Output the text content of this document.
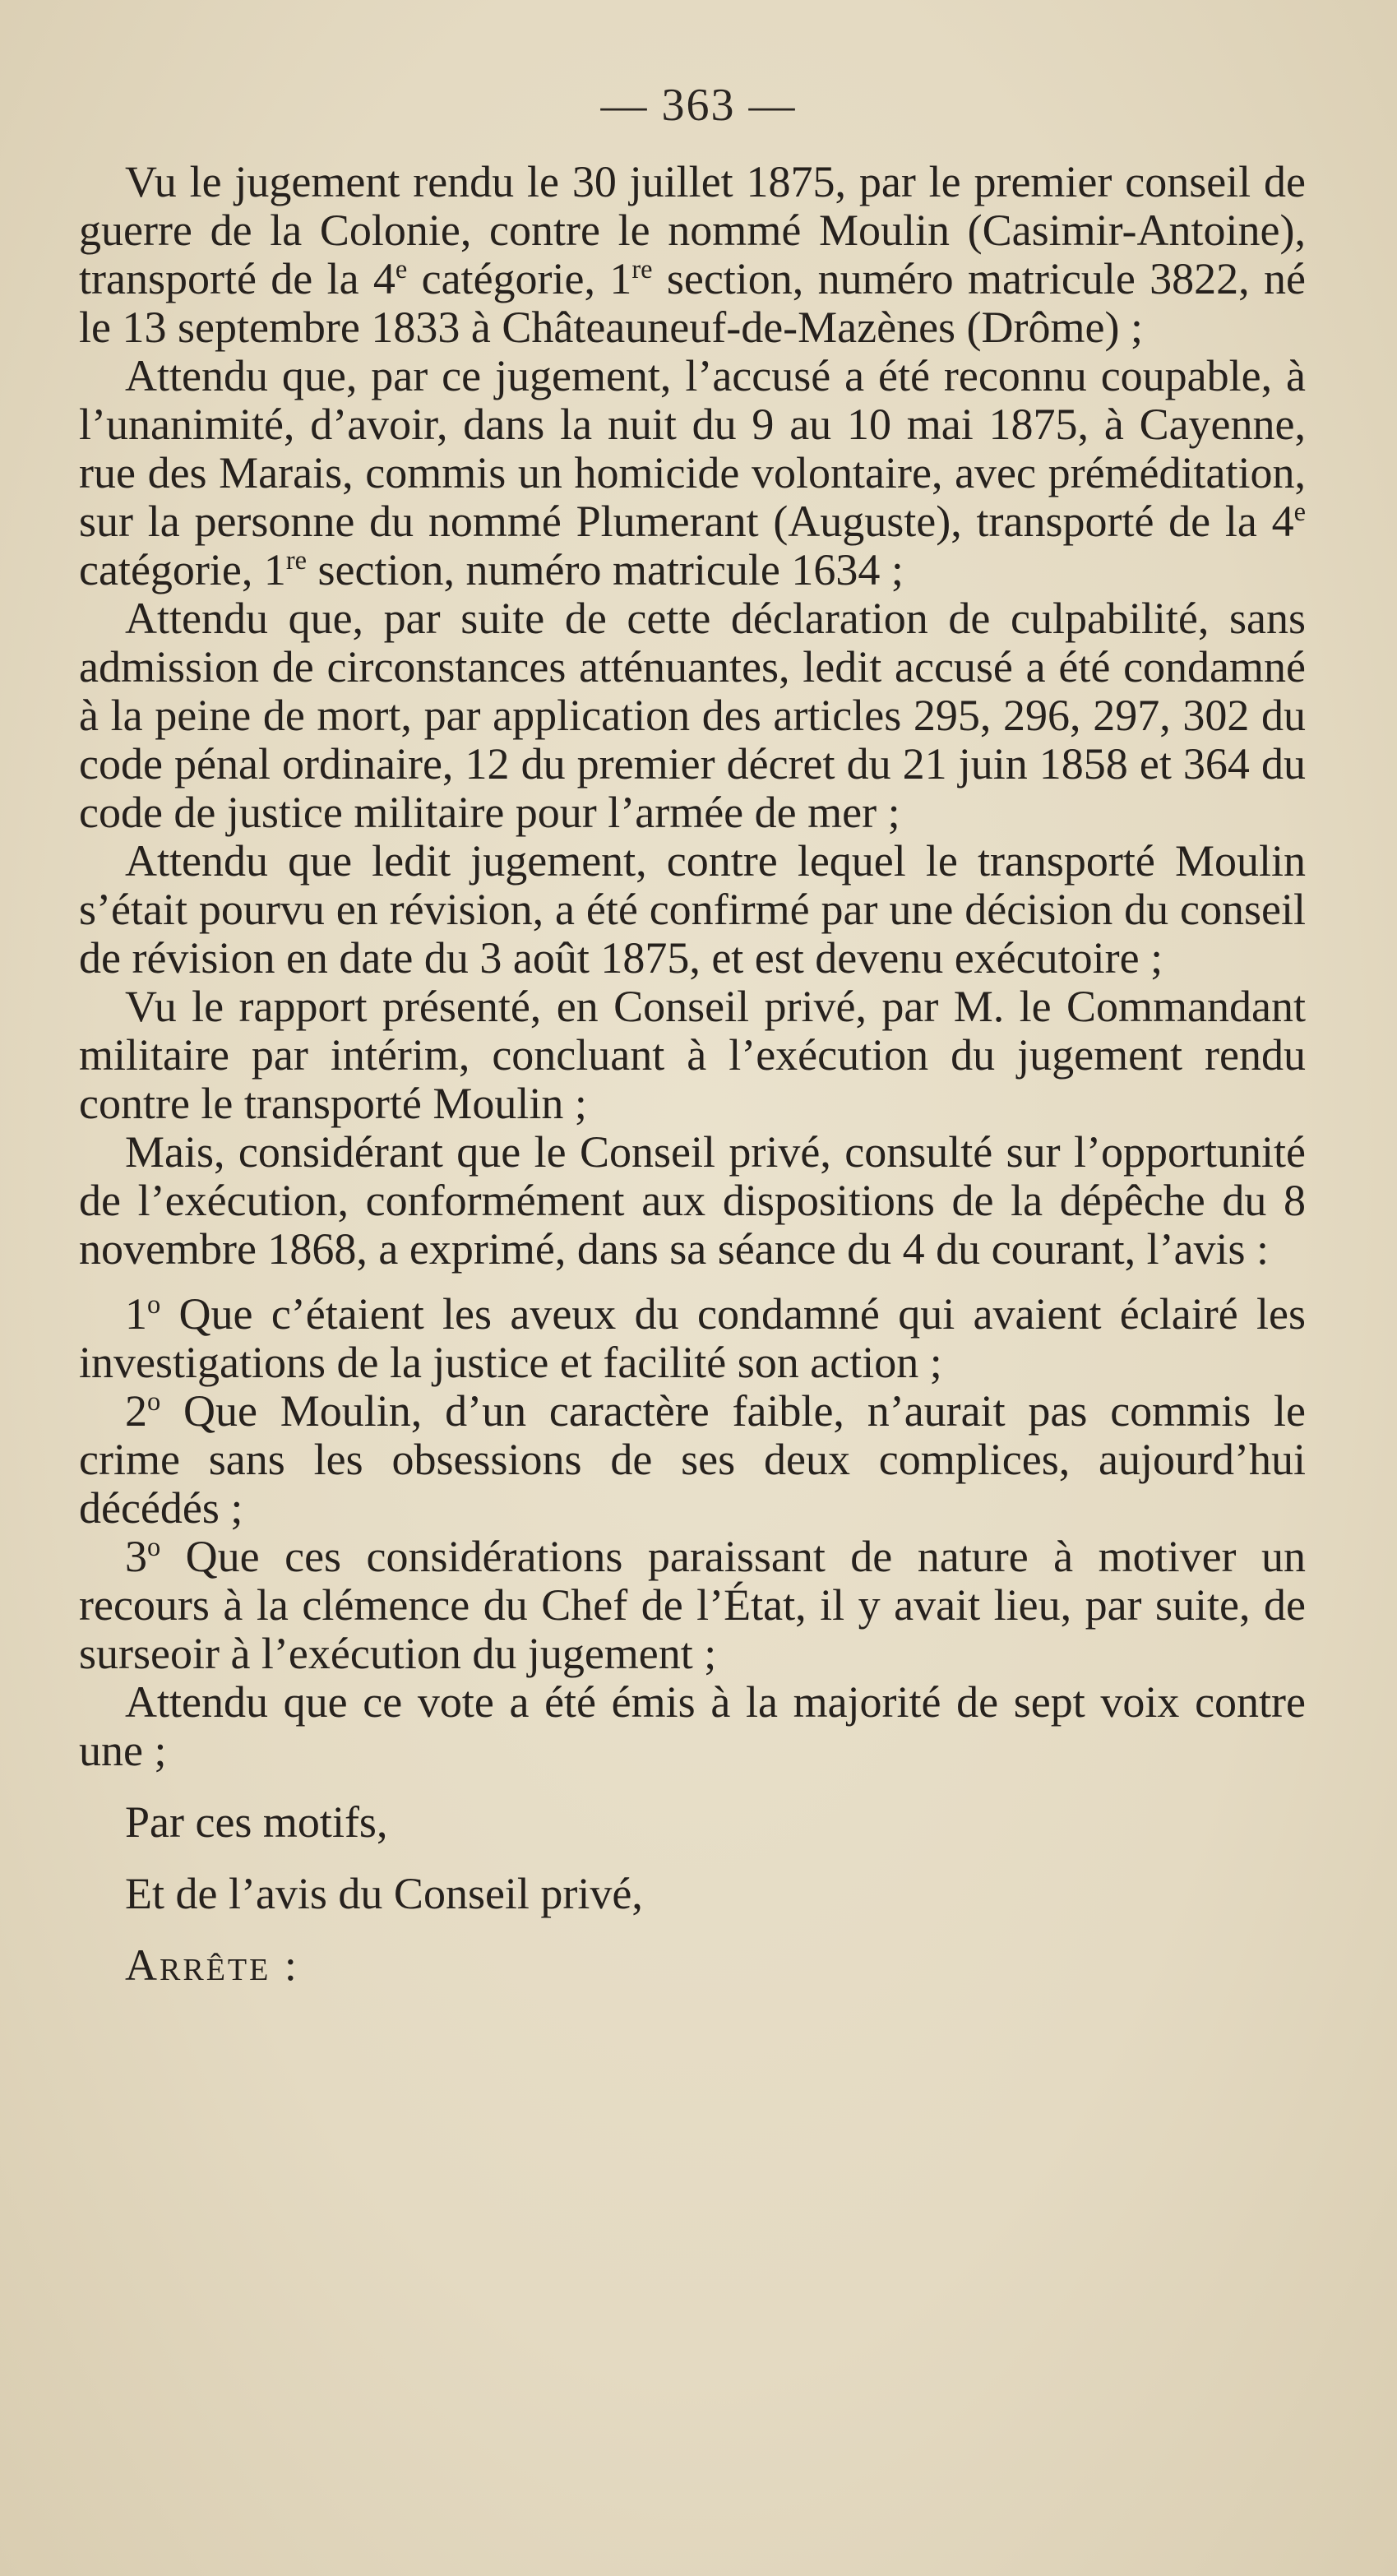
— 363 —

Vu le jugement rendu le 30 juillet 1875, par le premier conseil de guerre de la Colonie, contre le nommé Moulin (Casimir-Antoine), transporté de la 4e catégorie, 1re section, numéro matricule 3822, né le 13 septembre 1833 à Châteauneuf-de-Mazènes (Drôme) ;

Attendu que, par ce jugement, l’accusé a été reconnu coupable, à l’unanimité, d’avoir, dans la nuit du 9 au 10 mai 1875, à Cayenne, rue des Marais, commis un homicide volontaire, avec préméditation, sur la personne du nommé Plumerant (Auguste), transporté de la 4e catégorie, 1re section, numéro matricule 1634 ;

Attendu que, par suite de cette déclaration de culpabilité, sans admission de circonstances atténuantes, ledit accusé a été condamné à la peine de mort, par application des articles 295, 296, 297, 302 du code pénal ordinaire, 12 du premier décret du 21 juin 1858 et 364 du code de justice militaire pour l’armée de mer ;

Attendu que ledit jugement, contre lequel le transporté Moulin s’était pourvu en révision, a été confirmé par une décision du conseil de révision en date du 3 août 1875, et est devenu exécutoire ;

Vu le rapport présenté, en Conseil privé, par M. le Commandant militaire par intérim, concluant à l’exécution du jugement rendu contre le transporté Moulin ;

Mais, considérant que le Conseil privé, consulté sur l’opportunité de l’exécution, conformément aux dispositions de la dépêche du 8 novembre 1868, a exprimé, dans sa séance du 4 du courant, l’avis :

1$^o$ Que c’étaient les aveux du condamné qui avaient éclairé les investigations de la justice et facilité son action ;

2$^o$ Que Moulin, d’un caractère faible, n’aurait pas commis le crime sans les obsessions de ses deux complices, aujourd’hui décédés ;

3$^o$ Que ces considérations paraissant de nature à motiver un recours à la clémence du Chef de l’État, il y avait lieu, par suite, de surseoir à l’exécution du jugement ;

Attendu que ce vote a été émis à la majorité de sept voix contre une ;

Par ces motifs,

Et de l’avis du Conseil privé,

Arrête :
